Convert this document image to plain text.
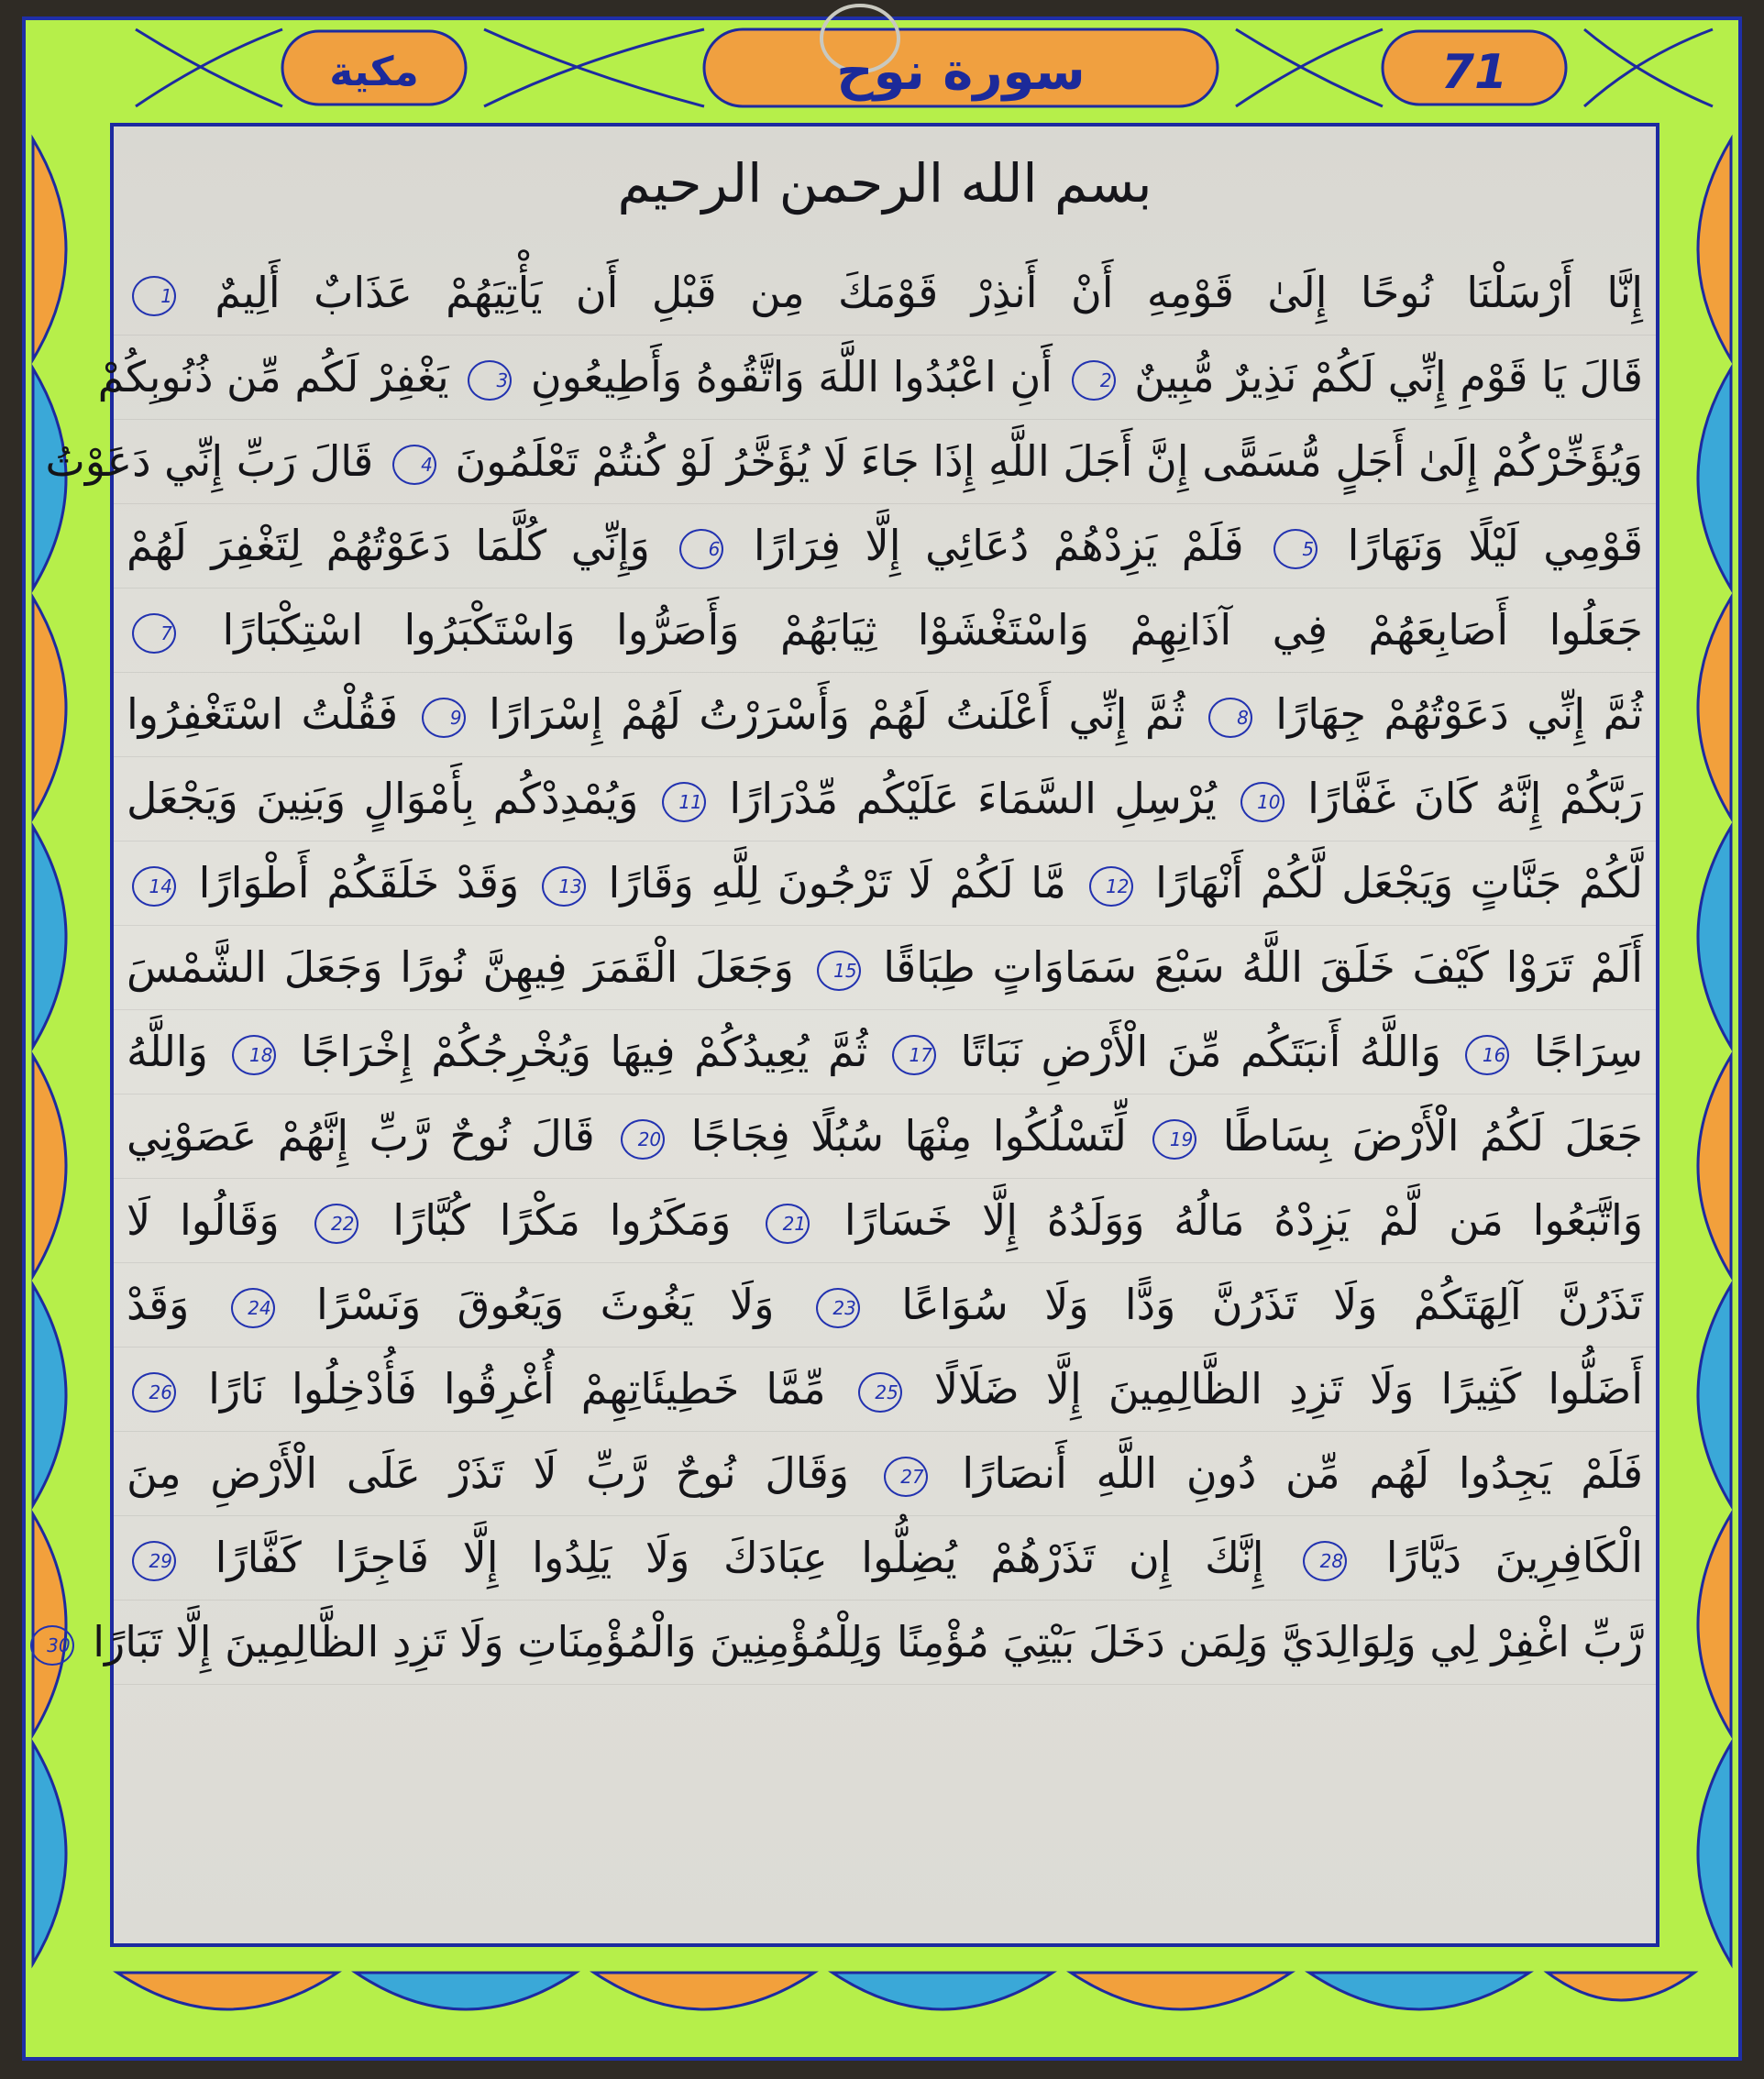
مكية	سورة نوح	71
بسم الله الرحمن الرحيم
إِنَّا أَرْسَلْنَا نُوحًا إِلَىٰ قَوْمِهِ أَنْ أَنذِرْ قَوْمَكَ مِن قَبْلِ أَن يَأْتِيَهُمْ عَذَابٌ أَلِيمٌ 1
قَالَ يَا قَوْمِ إِنِّي لَكُمْ نَذِيرٌ مُّبِينٌ 2 أَنِ اعْبُدُوا اللَّهَ وَاتَّقُوهُ وَأَطِيعُونِ 3 يَغْفِرْ لَكُم مِّن ذُنُوبِكُمْ
وَيُؤَخِّرْكُمْ إِلَىٰ أَجَلٍ مُّسَمًّى إِنَّ أَجَلَ اللَّهِ إِذَا جَاءَ لَا يُؤَخَّرُ لَوْ كُنتُمْ تَعْلَمُونَ 4 قَالَ رَبِّ إِنِّي دَعَوْتُ
قَوْمِي لَيْلًا وَنَهَارًا 5 فَلَمْ يَزِدْهُمْ دُعَائِي إِلَّا فِرَارًا 6 وَإِنِّي كُلَّمَا دَعَوْتُهُمْ لِتَغْفِرَ لَهُمْ
جَعَلُوا أَصَابِعَهُمْ فِي آذَانِهِمْ وَاسْتَغْشَوْا ثِيَابَهُمْ وَأَصَرُّوا وَاسْتَكْبَرُوا اسْتِكْبَارًا 7
ثُمَّ إِنِّي دَعَوْتُهُمْ جِهَارًا 8 ثُمَّ إِنِّي أَعْلَنتُ لَهُمْ وَأَسْرَرْتُ لَهُمْ إِسْرَارًا 9 فَقُلْتُ اسْتَغْفِرُوا
رَبَّكُمْ إِنَّهُ كَانَ غَفَّارًا 10 يُرْسِلِ السَّمَاءَ عَلَيْكُم مِّدْرَارًا 11 وَيُمْدِدْكُم بِأَمْوَالٍ وَبَنِينَ وَيَجْعَل
لَّكُمْ جَنَّاتٍ وَيَجْعَل لَّكُمْ أَنْهَارًا 12 مَّا لَكُمْ لَا تَرْجُونَ لِلَّهِ وَقَارًا 13 وَقَدْ خَلَقَكُمْ أَطْوَارًا 14
أَلَمْ تَرَوْا كَيْفَ خَلَقَ اللَّهُ سَبْعَ سَمَاوَاتٍ طِبَاقًا 15 وَجَعَلَ الْقَمَرَ فِيهِنَّ نُورًا وَجَعَلَ الشَّمْسَ
سِرَاجًا 16 وَاللَّهُ أَنبَتَكُم مِّنَ الْأَرْضِ نَبَاتًا 17 ثُمَّ يُعِيدُكُمْ فِيهَا وَيُخْرِجُكُمْ إِخْرَاجًا 18 وَاللَّهُ
جَعَلَ لَكُمُ الْأَرْضَ بِسَاطًا 19 لِّتَسْلُكُوا مِنْهَا سُبُلًا فِجَاجًا 20 قَالَ نُوحٌ رَّبِّ إِنَّهُمْ عَصَوْنِي
وَاتَّبَعُوا مَن لَّمْ يَزِدْهُ مَالُهُ وَوَلَدُهُ إِلَّا خَسَارًا 21 وَمَكَرُوا مَكْرًا كُبَّارًا 22 وَقَالُوا لَا
تَذَرُنَّ آلِهَتَكُمْ وَلَا تَذَرُنَّ وَدًّا وَلَا سُوَاعًا 23 وَلَا يَغُوثَ وَيَعُوقَ وَنَسْرًا 24 وَقَدْ
أَضَلُّوا كَثِيرًا وَلَا تَزِدِ الظَّالِمِينَ إِلَّا ضَلَالًا 25 مِّمَّا خَطِيئَاتِهِمْ أُغْرِقُوا فَأُدْخِلُوا نَارًا 26
فَلَمْ يَجِدُوا لَهُم مِّن دُونِ اللَّهِ أَنصَارًا 27 وَقَالَ نُوحٌ رَّبِّ لَا تَذَرْ عَلَى الْأَرْضِ مِنَ
الْكَافِرِينَ دَيَّارًا 28 إِنَّكَ إِن تَذَرْهُمْ يُضِلُّوا عِبَادَكَ وَلَا يَلِدُوا إِلَّا فَاجِرًا كَفَّارًا 29
رَّبِّ اغْفِرْ لِي وَلِوَالِدَيَّ وَلِمَن دَخَلَ بَيْتِيَ مُؤْمِنًا وَلِلْمُؤْمِنِينَ وَالْمُؤْمِنَاتِ وَلَا تَزِدِ الظَّالِمِينَ إِلَّا تَبَارًا 30
